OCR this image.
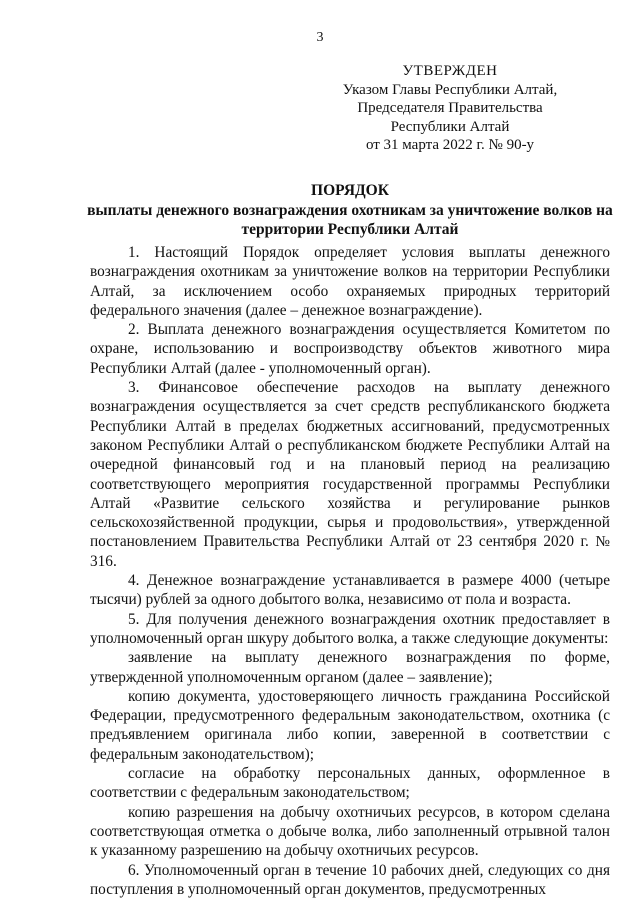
3
УТВЕРЖДЕН
Указом Главы Республики Алтай,
Председателя Правительства
Республики Алтай
от 31 марта 2022 г. № 90-у
ПОРЯДОК
выплаты денежного вознаграждения охотникам за уничтожение волков на территории Республики Алтай

1. Настоящий Порядок определяет условия выплаты денежного вознаграждения охотникам за уничтожение волков на территории Республики Алтай, за исключением особо охраняемых природных территорий федерального значения (далее – денежное вознаграждение).

2. Выплата денежного вознаграждения осуществляется Комитетом по охране, использованию и воспроизводству объектов животного мира Республики Алтай (далее - уполномоченный орган).

3. Финансовое обеспечение расходов на выплату денежного вознаграждения осуществляется за счет средств республиканского бюджета Республики Алтай в пределах бюджетных ассигнований, предусмотренных законом Республики Алтай о республиканском бюджете Республики Алтай на очередной финансовый год и на плановый период на реализацию соответствующего мероприятия государственной программы Республики Алтай «Развитие сельского хозяйства и регулирование рынков сельскохозяйственной продукции, сырья и продовольствия», утвержденной постановлением Правительства Республики Алтай от 23 сентября 2020 г. № 316.

4. Денежное вознаграждение устанавливается в размере 4000 (четыре тысячи) рублей за одного добытого волка, независимо от пола и возраста.

5. Для получения денежного вознаграждения охотник предоставляет в уполномоченный орган шкуру добытого волка, а также следующие документы:

заявление на выплату денежного вознаграждения по форме, утвержденной уполномоченным органом (далее – заявление);

копию документа, удостоверяющего личность гражданина Российской Федерации, предусмотренного федеральным законодательством, охотника (с предъявлением оригинала либо копии, заверенной в соответствии с федеральным законодательством);

согласие на обработку персональных данных, оформленное в соответствии с федеральным законодательством;

копию разрешения на добычу охотничьих ресурсов, в котором сделана соответствующая отметка о добыче волка, либо заполненный отрывной талон к указанному разрешению на добычу охотничьих ресурсов.

6. Уполномоченный орган в течение 10 рабочих дней, следующих со дня поступления в уполномоченный орган документов, предусмотренных
